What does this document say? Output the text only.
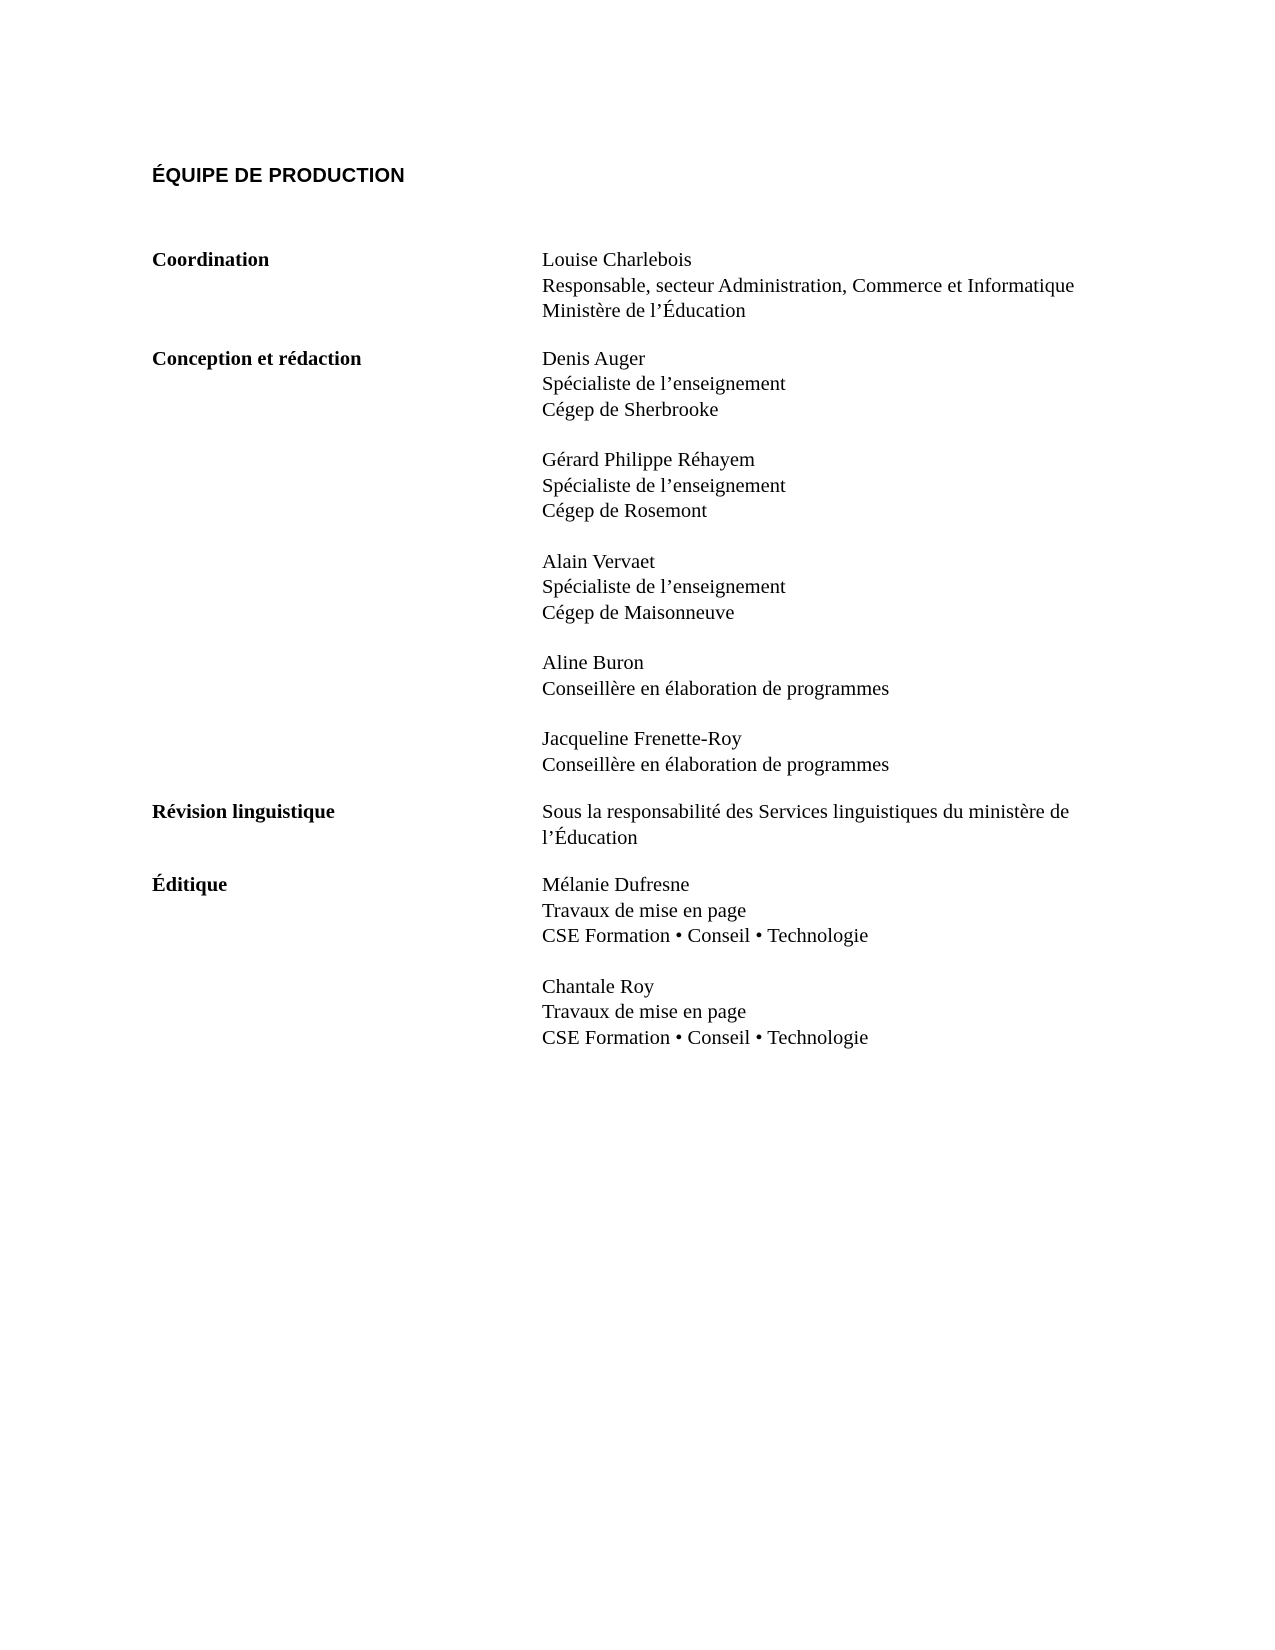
ÉQUIPE DE PRODUCTION
Coordination	Louise Charlebois
Responsable, secteur Administration, Commerce et Informatique
Ministère de l’Éducation
Conception et rédaction	Denis Auger
Spécialiste de l’enseignement
Cégep de Sherbrooke
Gérard Philippe Réhayem
Spécialiste de l’enseignement
Cégep de Rosemont
Alain Vervaet
Spécialiste de l’enseignement
Cégep de Maisonneuve
Aline Buron
Conseillère en élaboration de programmes
Jacqueline Frenette-Roy
Conseillère en élaboration de programmes
Révision linguistique	Sous la responsabilité des Services linguistiques du ministère de l’Éducation
Éditique	Mélanie Dufresne
Travaux de mise en page
CSE Formation • Conseil • Technologie
Chantale Roy
Travaux de mise en page
CSE Formation • Conseil • Technologie
